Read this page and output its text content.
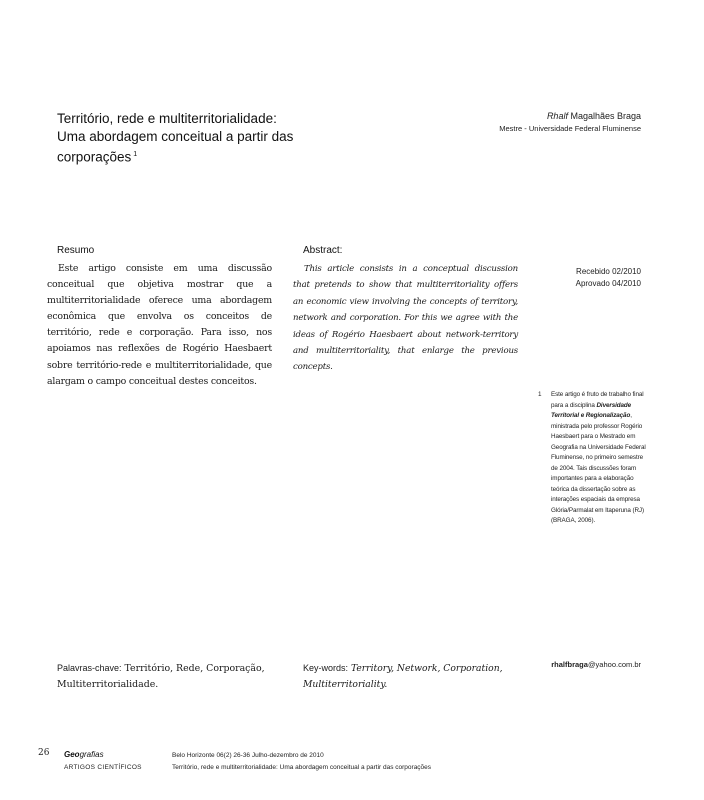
Território, rede e multiterritorialidade: Uma abordagem conceitual a partir das corporações $^1$
Rhalf Magalhães Braga
Mestre - Universidade Federal Fluminense
Resumo
Este artigo consiste em uma discussão conceitual que objetiva mostrar que a multiterritorialidade oferece uma abordagem econômica que envolva os conceitos de território, rede e corporação. Para isso, nos apoiamos nas reflexões de Rogério Haesbaert sobre território-rede e multiterritorialidade, que alargam o campo conceitual destes conceitos.
Abstract:
This article consists in a conceptual discussion that pretends to show that multiterritoriality offers an economic view involving the concepts of territory, network and corporation. For this we agree with the ideas of Rogério Haesbaert about network-territory and multiterritoriality, that enlarge the previous concepts.
Recebido 02/2010
Aprovado 04/2010
1 Este artigo é fruto de trabalho final para a disciplina Diversidade Territorial e Regionalização, ministrada pelo professor Rogério Haesbaert para o Mestrado em Geografia na Universidade Federal Fluminense, no primeiro semestre de 2004. Tais discussões foram importantes para a elaboração teórica da dissertação sobre as interações espaciais da empresa Glória/Parmalat em Itaperuna (RJ) (BRAGA, 2006).
Palavras-chave: Território, Rede, Corporação, Multiterritorialidade.
Key-words: Territory, Network, Corporation, Multiterritoriality.
rhalfbraga@yahoo.com.br
26 Geografias
ARTIGOS CIENTÍFICOS
Belo Horizonte 06(2) 26-36 Julho-dezembro de 2010
Território, rede e multiterritorialidade: Uma abordagem conceitual a partir das corporações
